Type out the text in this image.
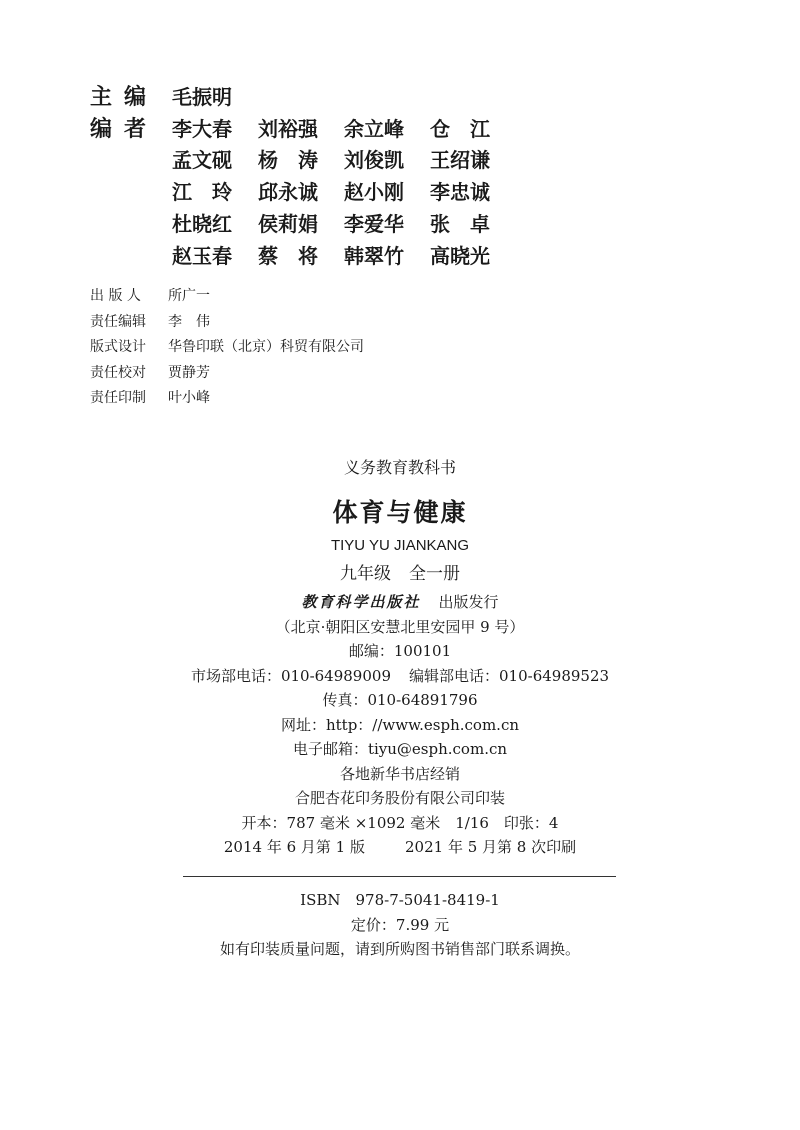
主编 毛振明
编者 李大春	刘裕强	余立峰	仓　江
孟文砚	杨　涛	刘俊凯	王绍谦
江　玲	邱永诚	赵小刚	李忠诚
杜晓红	侯莉娟	李爱华	张　卓
赵玉春	蔡　将	韩翠竹	高晓光
出 版 人	所广一
责任编辑	李　伟
版式设计	华鲁印联（北京）科贸有限公司
责任校对	贾静芳
责任印制	叶小峰
义务教育教科书
体育与健康
TIYU YU JIANKANG
九年级 全一册
教育科学出版社 出版发行
（北京·朝阳区安慧北里安园甲 9 号）
邮编：100101
市场部电话：010-64989009 编辑部电话：010-64989523
传真：010-64891796
网址：http：//www.esph.com.cn
电子邮箱：tiyu@esph.com.cn
各地新华书店经销
合肥杏花印务股份有限公司印装
开本：787 毫米 ×1092 毫米　1/16　印张：4
2014 年 6 月第 1 版	2021 年 5 月第 8 次印刷
ISBN　978-7-5041-8419-1
定价：7.99 元
如有印装质量问题，请到所购图书销售部门联系调换。
